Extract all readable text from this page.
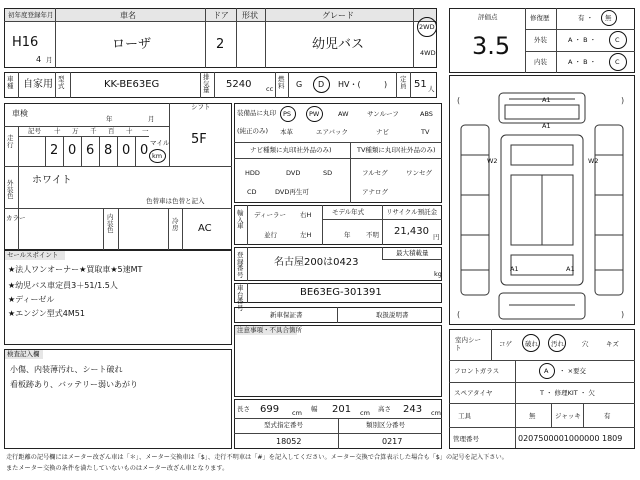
初年度登録年月	車名	ドア 形状	グレード
H16
4 月
ローザ	2	幼児バス
2WD
4WD
車種 自家用 型式	KK-BE63EG
排気量 5240 cc
燃料	G D HV・(	)
定員 51 人
車検
年	月
シフト
5F
走行
記号 十 万 千 百 十 一
2 0 6 8 0 0 マイル
km
外装色
ホワイト
色替車は色替と記入
カラー	内装色
冷房 AC
セールスポイント
★法人ワンオーナー★買取車★5速MT
★幼児バス車定員3＋51/1.5人
★ディーゼル
★エンジン型式4M51
検査記入欄
小傷、内装薄汚れ、シート破れ
看板跡あり、バッテリー弱いあがり
装備品に丸印
(純正のみ)
PS	PW	AW	サンルーフ	ABS
本革	エアバック	ナビ	TV
ナビ種類に丸印
(社外品のみ)
HDD	DVD	SD
CD	DVD再生可
TV種類に丸印 (社外品のみ)
フルセグ	ワンセグ
アナログ
輸入車
ディーラー 右H
並行	左H
モデル年式
年 不明
リサイクル預託金
21,430 円
登録番号
名古屋200は0423
最大積載量
kg
車台番号
BE63EG-301391
新車保証書	取扱説明書
注意事項・不具合箇所
長さ 699 cm 幅 201 cm 高さ 243 cm
型式指定番号
18052
類別区分番号
0217
評価点
3.5
修復歴	有 ・ 無
外装	A ・ B ・	C
内装	A ・ B ・	C
(	)
(	)
A1
A1
W2	W2
A1	A1
室内シート
コゲ 破れ 汚れ	穴	キズ
フロントガラス	A ・ ×要交
スペアタイヤ	T ・ 修理KIT ・ 欠
工具	無	ジャッキ	有
管理番号	0207500001000000 1809
走行距離の記号欄にはメーター改ざん車は「＊」、メーター交換車は「$」、走行不明車は「#」を記入してください。メーター交換で合算表示した場合も「$」の記号を記入下さい。
またメーター交換の条件を満たしていないものはメーター改ざん車となります。
